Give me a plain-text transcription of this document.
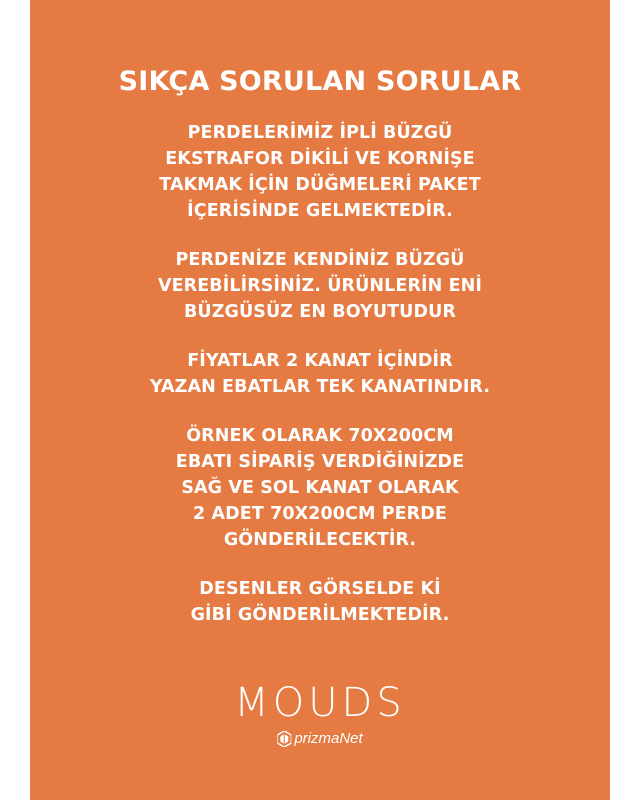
SIKÇA SORULAN SORULAR
PERDELERİMİZ İPLİ BÜZGÜ
EKSTRAFOR DİKİLİ VE KORNİŞE
TAKMAK İÇİN DÜĞMELERİ PAKET
İÇERİSİNDE GELMEKTEDİR.
PERDENİZE KENDİNİZ BÜZGÜ
VEREBİLİRSİNİZ. ÜRÜNLERİN ENİ
BÜZGÜSÜZ EN BOYUTUDUR
FİYATLAR 2 KANAT İÇİNDİR
YAZAN EBATLAR TEK KANATINDIR.
ÖRNEK OLARAK 70X200CM
EBATI SİPARİŞ VERDİĞİNİZDE
SAĞ VE SOL KANAT OLARAK
2 ADET 70X200CM PERDE
GÖNDERİLECEKTİR.
DESENLER GÖRSELDE Kİ
GİBİ GÖNDERİLMEKTEDİR.
MOUDS
prizmaNet
